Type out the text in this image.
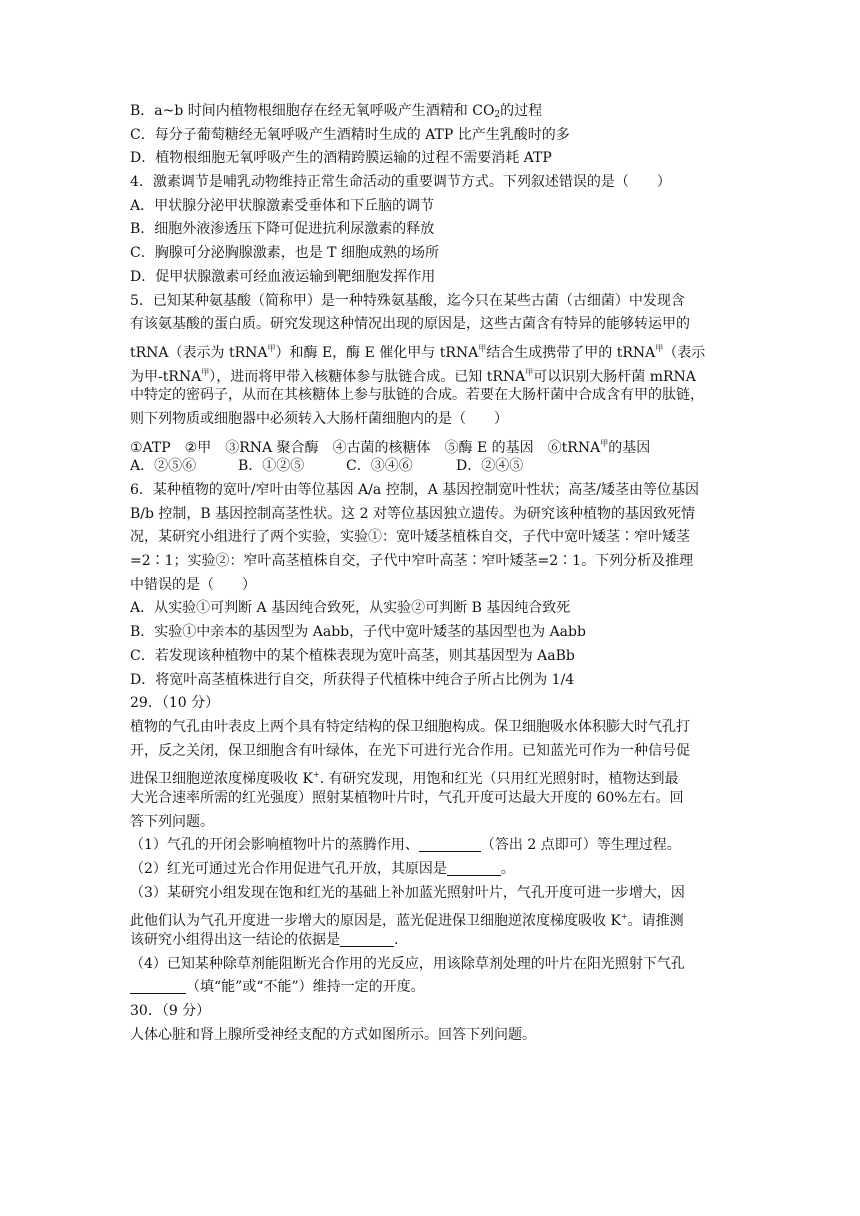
B．a~b 时间内植物根细胞存在经无氧呼吸产生酒精和 $CO_2$的过程
C．每分子葡萄糖经无氧呼吸产生酒精时生成的 ATP 比产生乳酸时的多
D．植物根细胞无氧呼吸产生的酒精跨膜运输的过程不需要消耗 ATP
4．激素调节是哺乳动物维持正常生命活动的重要调节方式。下列叙述错误的是（　　）
A．甲状腺分泌甲状腺激素受垂体和下丘脑的调节
B．细胞外液渗透压下降可促进抗利尿激素的释放
C．胸腺可分泌胸腺激素，也是 T 细胞成熟的场所
D．促甲状腺激素可经血液运输到靶细胞发挥作用
5．已知某种氨基酸（简称甲）是一种特殊氨基酸，迄今只在某些古菌（古细菌）中发现含
有该氨基酸的蛋白质。研究发现这种情况出现的原因是，这些古菌含有特异的能够转运甲的
tRNA（表示为 tRNA$^甲$）和酶 E，酶 E 催化甲与 tRNA$^甲$结合生成携带了甲的 tRNA$^甲$（表示
为甲-tRNA$^甲$），进而将甲带入核糖体参与肽链合成。已知 tRNA$^甲$可以识别大肠杆菌 mRNA
中特定的密码子，从而在其核糖体上参与肽链的合成。若要在大肠杆菌中合成含有甲的肽链，
则下列物质或细胞器中必须转入大肠杆菌细胞内的是（　　）
①ATP　②甲　③RNA 聚合酶　④古菌的核糖体　⑤酶 E 的基因　⑥tRNA$^甲$的基因
A．②⑤⑥	B．①②⑤	C．③④⑥	D．②④⑤
6．某种植物的宽叶/窄叶由等位基因 A/a 控制，A 基因控制宽叶性状；高茎/矮茎由等位基因
B/b 控制，B 基因控制高茎性状。这 2 对等位基因独立遗传。为研究该种植物的基因致死情
况，某研究小组进行了两个实验，实验①：宽叶矮茎植株自交，子代中宽叶矮茎∶窄叶矮茎
=2∶1；实验②：窄叶高茎植株自交，子代中窄叶高茎∶窄叶矮茎=2∶1。下列分析及推理
中错误的是（　　）
A．从实验①可判断 A 基因纯合致死，从实验②可判断 B 基因纯合致死
B．实验①中亲本的基因型为 Aabb，子代中宽叶矮茎的基因型也为 Aabb
C．若发现该种植物中的某个植株表现为宽叶高茎，则其基因型为 AaBb
D．将宽叶高茎植株进行自交，所获得子代植株中纯合子所占比例为 1/4
29．（10 分）
植物的气孔由叶表皮上两个具有特定结构的保卫细胞构成。保卫细胞吸水体积膨大时气孔打
开，反之关闭，保卫细胞含有叶绿体，在光下可进行光合作用。已知蓝光可作为一种信号促
进保卫细胞逆浓度梯度吸收 K+. 有研究发现，用饱和红光（只用红光照射时，植物达到最
大光合速率所需的红光强度）照射某植物叶片时，气孔开度可达最大开度的 60%左右。回
答下列问题。
（1）气孔的开闭会影响植物叶片的蒸腾作用、	（答出 2 点即可）等生理过程。
（2）红光可通过光合作用促进气孔开放，其原因是	。
（3）某研究小组发现在饱和红光的基础上补加蓝光照射叶片，气孔开度可进一步增大，因
此他们认为气孔开度进一步增大的原因是，蓝光促进保卫细胞逆浓度梯度吸收 K+。请推测
该研究小组得出这一结论的依据是	.
（4）已知某种除草剂能阻断光合作用的光反应，用该除草剂处理的叶片在阳光照射下气孔
（填“能”或“不能”）维持一定的开度。
30．（9 分）
人体心脏和肾上腺所受神经支配的方式如图所示。回答下列问题。
